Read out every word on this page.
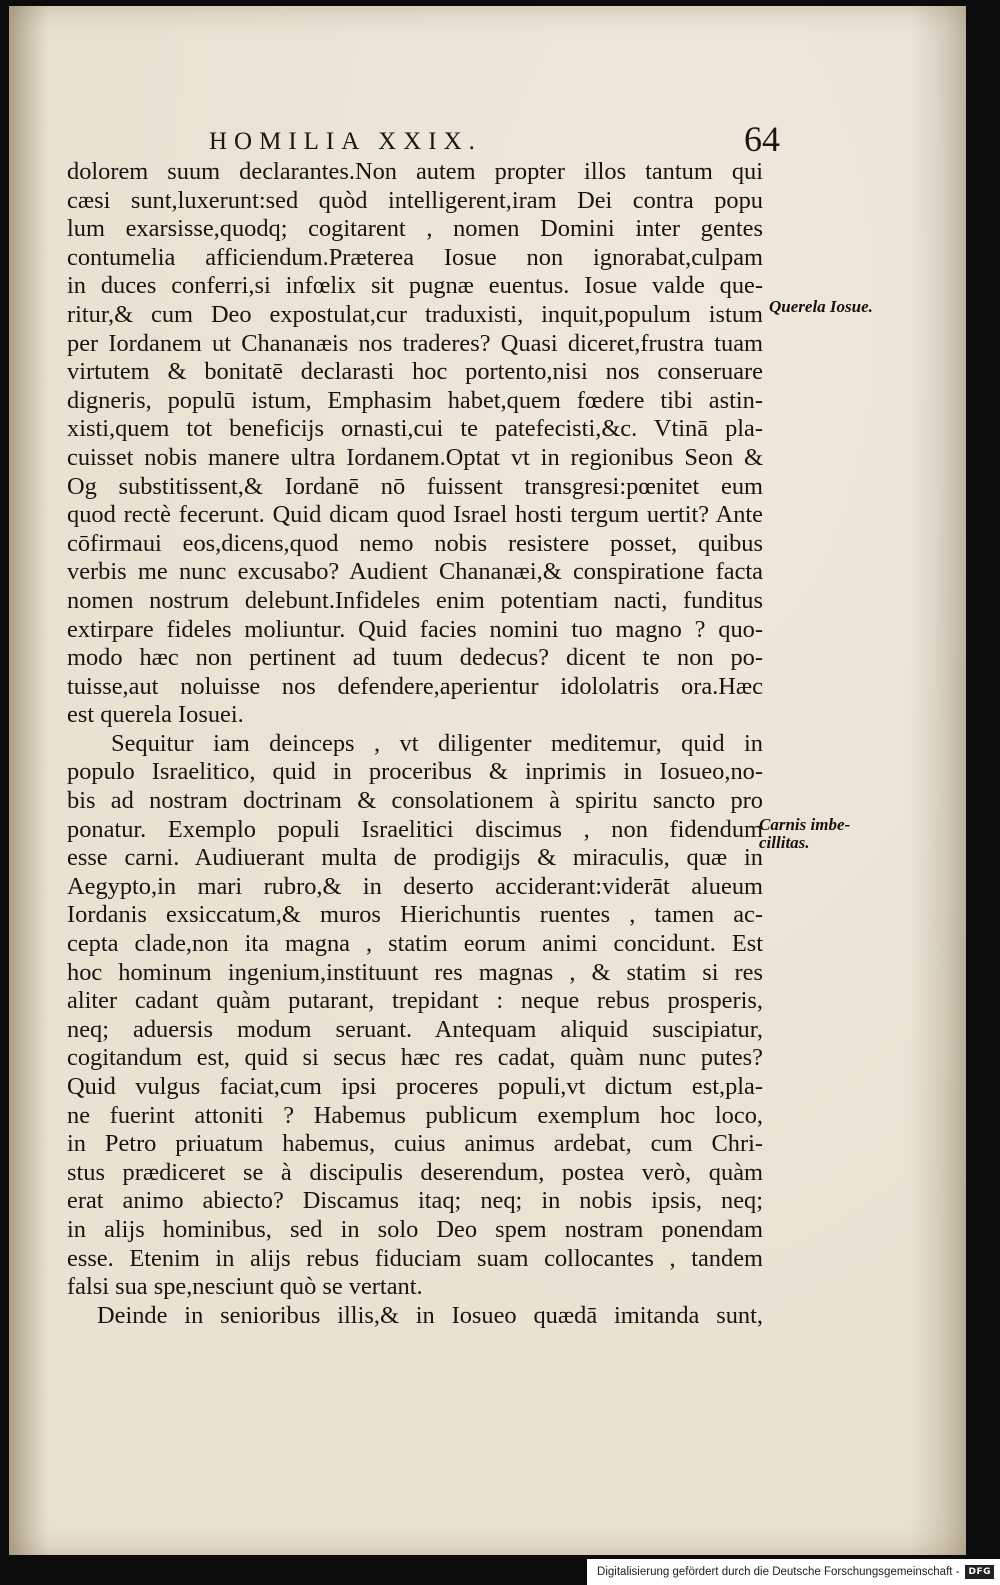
HOMILIA XXIX.	64
dolorem suum declarantes.Non autem propter illos tantum qui
cæsi sunt,luxerunt:sed quòd intelligerent,iram Dei contra popu
lum exarsisse,quodq; cogitarent , nomen Domini inter gentes
contumelia afficiendum.Præterea Iosue non ignorabat,culpam
in duces conferri,si infœlix sit pugnæ euentus. Iosue valde que-
ritur,& cum Deo expostulat,cur traduxisti, inquit,populum istum
per Iordanem ut Chananæis nos traderes? Quasi diceret,frustra tuam
virtutem & bonitatē declarasti hoc portento,nisi nos conseruare
digneris, populū istum, Emphasim habet,quem fœdere tibi astin-
xisti,quem tot beneficijs ornasti,cui te patefecisti,&c. Vtinā pla-
cuisset nobis manere ultra Iordanem.Optat vt in regionibus Seon &
Og substitissent,& Iordanē nō fuissent transgresi:pœnitet eum
quod rectè fecerunt. Quid dicam quod Israel hosti tergum uertit? Ante
cōfirmaui eos,dicens,quod nemo nobis resistere posset, quibus
verbis me nunc excusabo? Audient Chananæi,& conspiratione facta
nomen nostrum delebunt.Infideles enim potentiam nacti, funditus
extirpare fideles moliuntur. Quid facies nomini tuo magno ? quo-
modo hæc non pertinent ad tuum dedecus? dicent te non po-
tuisse,aut noluisse nos defendere,aperientur idololatris ora.Hæc
est querela Iosuei.
Sequitur iam deinceps , vt diligenter meditemur, quid in
populo Israelitico, quid in proceribus & inprimis in Iosueo,no-
bis ad nostram doctrinam & consolationem à spiritu sancto pro
ponatur. Exemplo populi Israelitici discimus , non fidendum
esse carni. Audiuerant multa de prodigijs & miraculis, quæ in
Aegypto,in mari rubro,& in deserto acciderant:viderāt alueum
Iordanis exsiccatum,& muros Hierichuntis ruentes , tamen ac-
cepta clade,non ita magna , statim eorum animi concidunt. Est
hoc hominum ingenium,instituunt res magnas , & statim si res
aliter cadant quàm putarant, trepidant : neque rebus prosperis,
neq; aduersis modum seruant. Antequam aliquid suscipiatur,
cogitandum est, quid si secus hæc res cadat, quàm nunc putes?
Quid vulgus faciat,cum ipsi proceres populi,vt dictum est,pla-
ne fuerint attoniti ? Habemus publicum exemplum hoc loco,
in Petro priuatum habemus, cuius animus ardebat, cum Chri-
stus prædiceret se à discipulis deserendum, postea verò, quàm
erat animo abiecto? Discamus itaq; neq; in nobis ipsis, neq;
in alijs hominibus, sed in solo Deo spem nostram ponendam
esse. Etenim in alijs rebus fiduciam suam collocantes , tandem
falsi sua spe,nesciunt quò se vertant.
Deinde in senioribus illis,& in Iosueo quædā imitanda sunt,
Querela Iosue.
Carnis imbe-
cillitas.
Digitalisierung gefördert durch die Deutsche Forschungsgemeinschaft -	DFG
